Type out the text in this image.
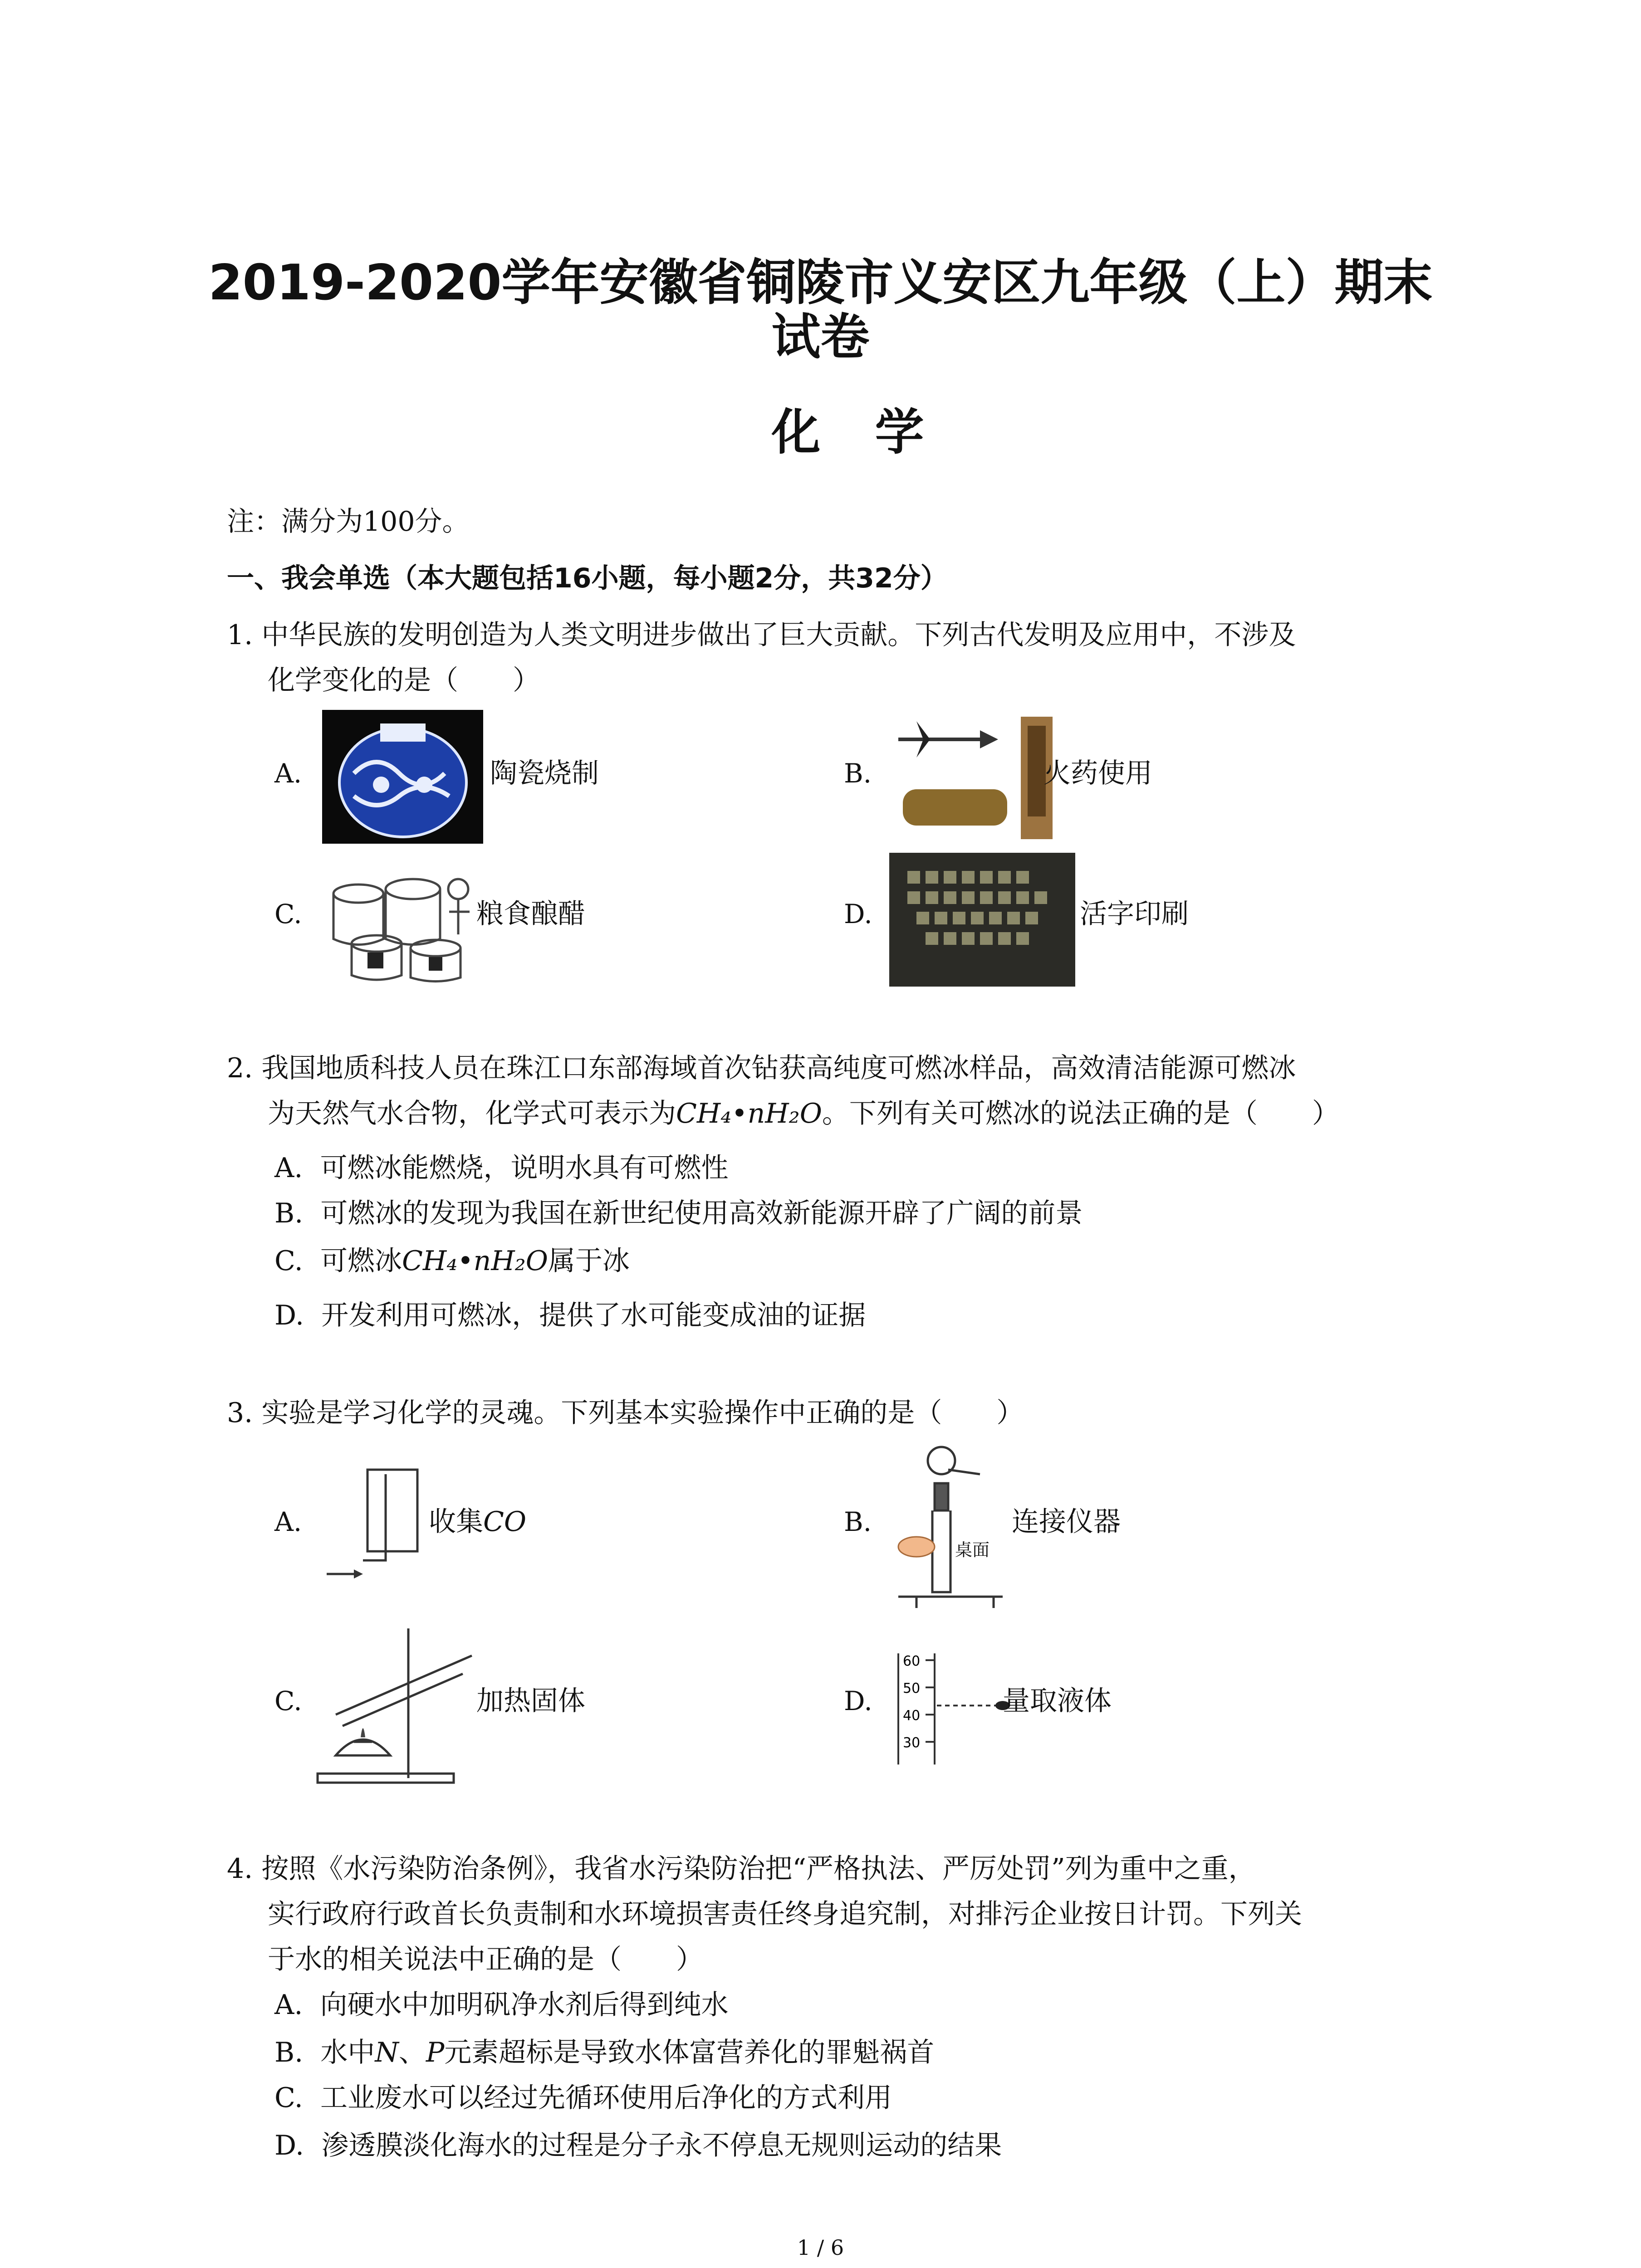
2019-2020学年安徽省铜陵市义安区九年级（上）期末
试卷
化学
注：满分为100分。
一、我会单选（本大题包括16小题，每小题2分，共32分）
1. 中华民族的发明创造为人类文明进步做出了巨大贡献。下列古代发明及应用中，不涉及
化学变化的是（　　）
A.	陶瓷烧制	B.	火药使用
C.	粮食酿醋	D.	活字印刷
2. 我国地质科技人员在珠江口东部海域首次钻获高纯度可燃冰样品，高效清洁能源可燃冰
为天然气水合物，化学式可表示为CH₄•nH₂O。下列有关可燃冰的说法正确的是（　　）
A. 可燃冰能燃烧，说明水具有可燃性
B. 可燃冰的发现为我国在新世纪使用高效新能源开辟了广阔的前景
C. 可燃冰CH₄•nH₂O属于冰
D. 开发利用可燃冰，提供了水可能变成油的证据
3. 实验是学习化学的灵魂。下列基本实验操作中正确的是（　　）
A.	收集CO	B.
桌面
连接仪器
C.	加热固体	D.
60
50
40
30
量取液体
4. 按照《水污染防治条例》，我省水污染防治把“严格执法、严厉处罚”列为重中之重，
实行政府行政首长负责制和水环境损害责任终身追究制，对排污企业按日计罚。下列关
于水的相关说法中正确的是（　　）
A. 向硬水中加明矾净水剂后得到纯水
B. 水中N、P元素超标是导致水体富营养化的罪魁祸首
C. 工业废水可以经过先循环使用后净化的方式利用
D. 渗透膜淡化海水的过程是分子永不停息无规则运动的结果
1 / 6
